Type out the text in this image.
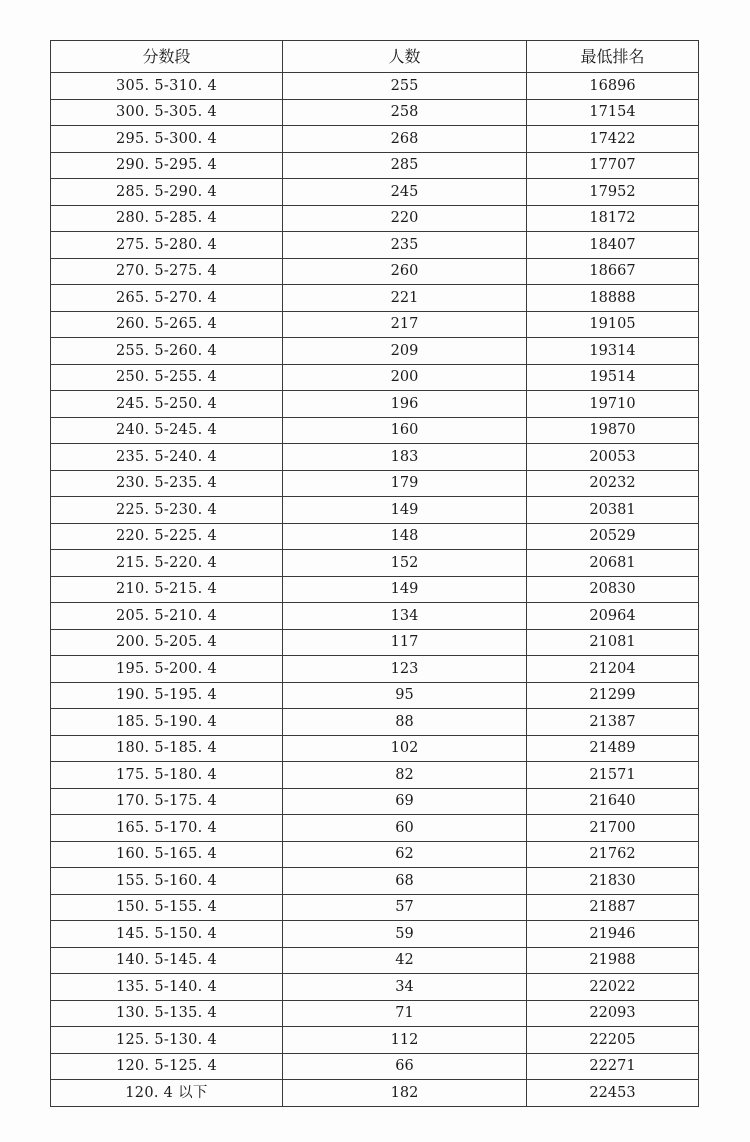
分数段	人数	最低排名
305. 5-310. 4	255	16896
300. 5-305. 4	258	17154
295. 5-300. 4	268	17422
290. 5-295. 4	285	17707
285. 5-290. 4	245	17952
280. 5-285. 4	220	18172
275. 5-280. 4	235	18407
270. 5-275. 4	260	18667
265. 5-270. 4	221	18888
260. 5-265. 4	217	19105
255. 5-260. 4	209	19314
250. 5-255. 4	200	19514
245. 5-250. 4	196	19710
240. 5-245. 4	160	19870
235. 5-240. 4	183	20053
230. 5-235. 4	179	20232
225. 5-230. 4	149	20381
220. 5-225. 4	148	20529
215. 5-220. 4	152	20681
210. 5-215. 4	149	20830
205. 5-210. 4	134	20964
200. 5-205. 4	117	21081
195. 5-200. 4	123	21204
190. 5-195. 4	95	21299
185. 5-190. 4	88	21387
180. 5-185. 4	102	21489
175. 5-180. 4	82	21571
170. 5-175. 4	69	21640
165. 5-170. 4	60	21700
160. 5-165. 4	62	21762
155. 5-160. 4	68	21830
150. 5-155. 4	57	21887
145. 5-150. 4	59	21946
140. 5-145. 4	42	21988
135. 5-140. 4	34	22022
130. 5-135. 4	71	22093
125. 5-130. 4	112	22205
120. 5-125. 4	66	22271
120. 4 以下	182	22453
